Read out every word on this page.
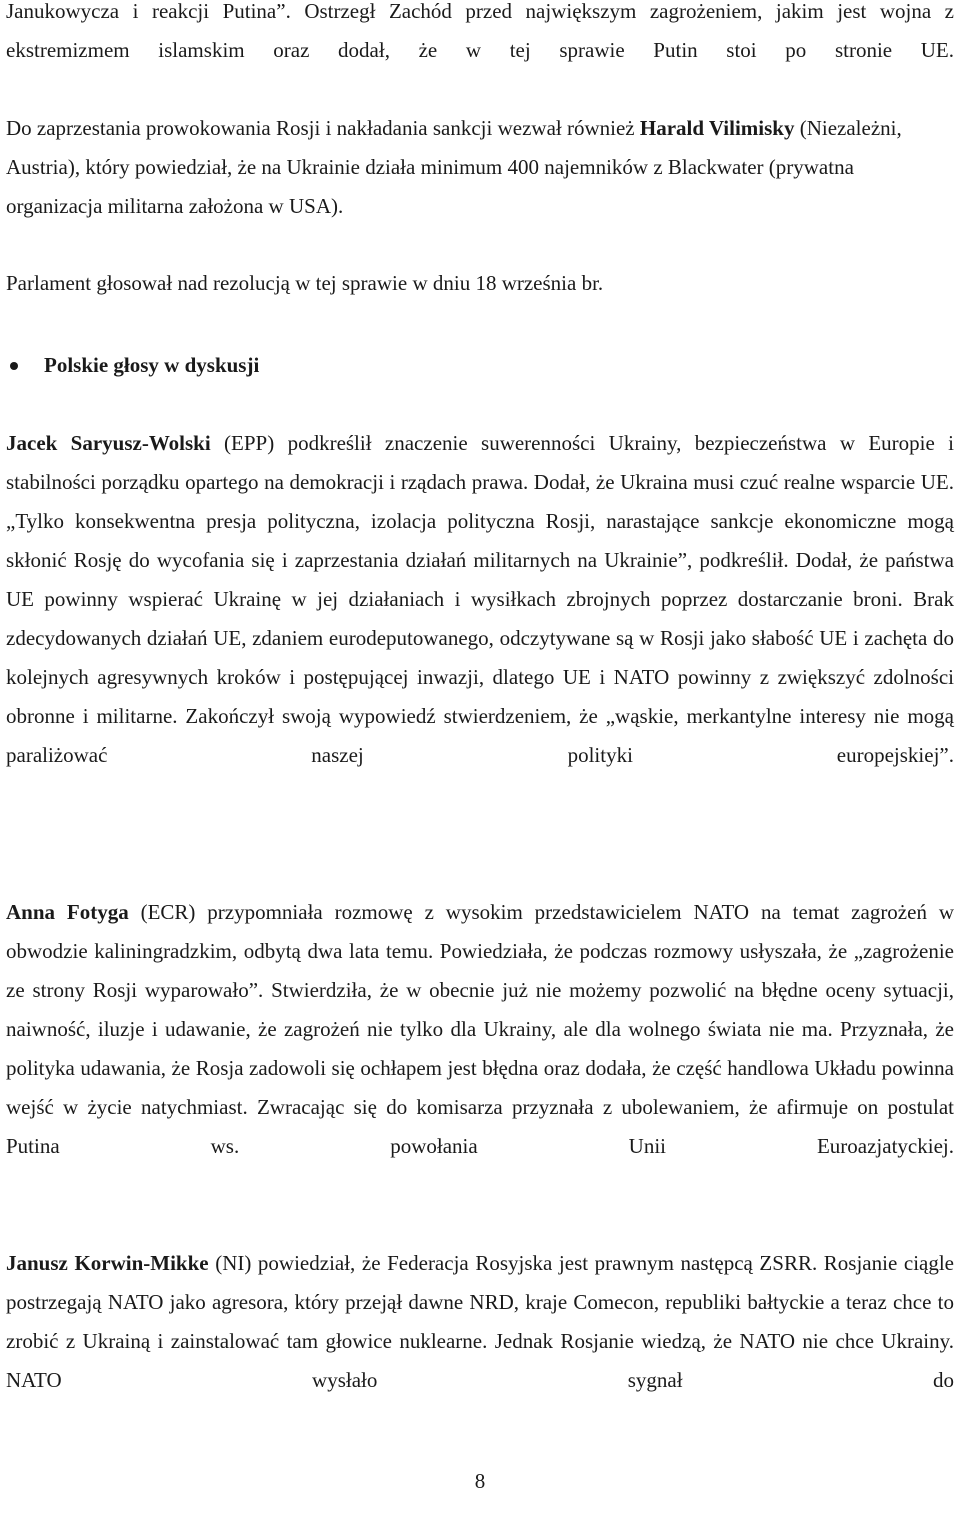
Janukowycza i reakcji Putina”. Ostrzegł Zachód przed największym zagrożeniem, jakim jest wojna z ekstremizmem islamskim oraz dodał, że w tej sprawie Putin stoi po stronie UE.

Do zaprzestania prowokowania Rosji i nakładania sankcji wezwał również Harald Vilimisky (Niezależni, Austria), który powiedział, że na Ukrainie działa minimum 400 najemników z Blackwater (prywatna organizacja militarna założona w USA).

Parlament głosował nad rezolucją w tej sprawie w dniu 18 września br.

Polskie głosy w dyskusji

Jacek Saryusz-Wolski (EPP) podkreślił znaczenie suwerenności Ukrainy, bezpieczeństwa w Europie i stabilności porządku opartego na demokracji i rządach prawa. Dodał, że Ukraina musi czuć realne wsparcie UE. „Tylko konsekwentna presja polityczna, izolacja polityczna Rosji, narastające sankcje ekonomiczne mogą skłonić Rosję do wycofania się i zaprzestania działań militarnych na Ukrainie”, podkreślił. Dodał, że państwa UE powinny wspierać Ukrainę w jej działaniach i wysiłkach zbrojnych poprzez dostarczanie broni. Brak zdecydowanych działań UE, zdaniem eurodeputowanego, odczytywane są w Rosji jako słabość UE i zachęta do kolejnych agresywnych kroków i postępującej inwazji, dlatego UE i NATO powinny z zwiększyć zdolności obronne i militarne. Zakończył swoją wypowiedź stwierdzeniem, że „wąskie, merkantylne interesy nie mogą paraliżować naszej polityki europejskiej”.

Anna Fotyga (ECR) przypomniała rozmowę z wysokim przedstawicielem NATO na temat zagrożeń w obwodzie kaliningradzkim, odbytą dwa lata temu. Powiedziała, że podczas rozmowy usłyszała, że „zagrożenie ze strony Rosji wyparowało”. Stwierdziła, że w obecnie już nie możemy pozwolić na błędne oceny sytuacji, naiwność, iluzje i udawanie, że zagrożeń nie tylko dla Ukrainy, ale dla wolnego świata nie ma. Przyznała, że polityka udawania, że Rosja zadowoli się ochłapem jest błędna oraz dodała, że część handlowa Układu powinna wejść w życie natychmiast. Zwracając się do komisarza przyznała z ubolewaniem, że afirmuje on postulat Putina ws. powołania Unii Euroazjatyckiej.

Janusz Korwin-Mikke (NI) powiedział, że Federacja Rosyjska jest prawnym następcą ZSRR. Rosjanie ciągle postrzegają NATO jako agresora, który przejął dawne NRD, kraje Comecon, republiki bałtyckie a teraz chce to zrobić z Ukrainą i zainstalować tam głowice nuklearne. Jednak Rosjanie wiedzą, że NATO nie chce Ukrainy. NATO wysłało sygnał do

8
